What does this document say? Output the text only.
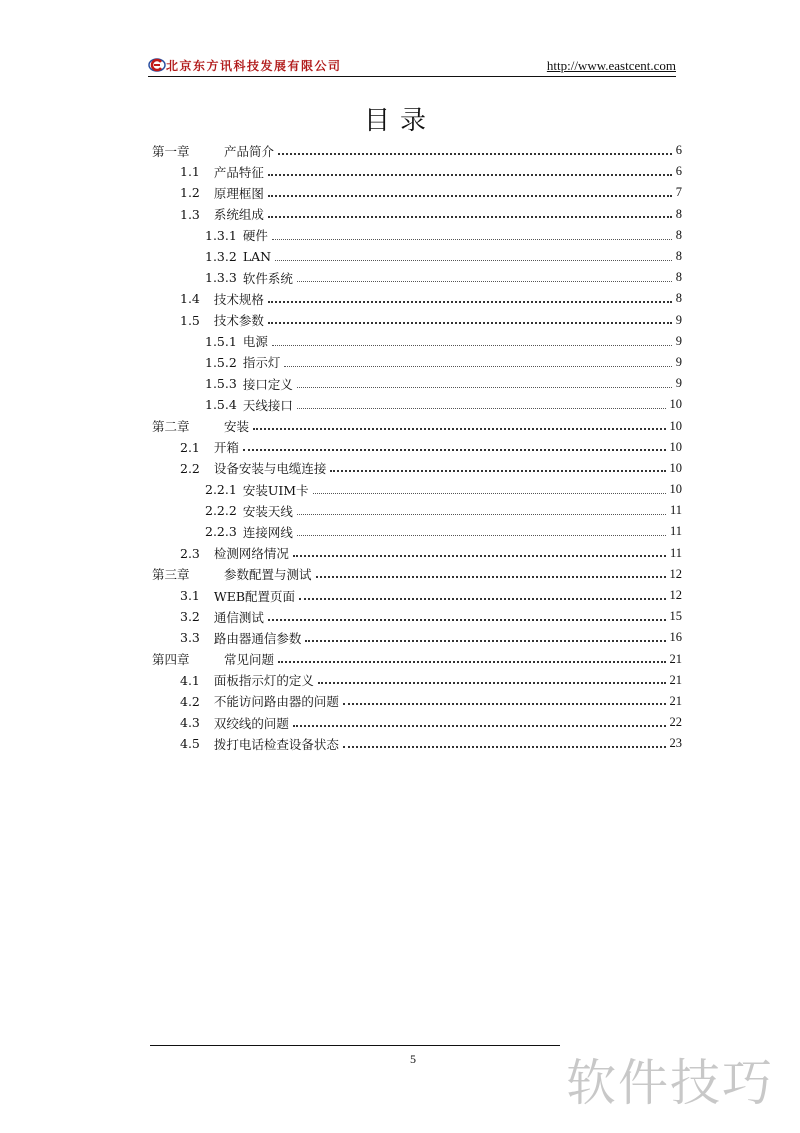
北京东方讯科技发展有限公司	http://www.eastcent.com
目录
第一章	产品简介	6
1.1 产品特征	6
1.2 原理框图	7
1.3 系统组成	8
1.3.1 硬件	8
1.3.2 LAN	8
1.3.3 软件系统	8
1.4 技术规格	8
1.5 技术参数	9
1.5.1 电源	9
1.5.2 指示灯	9
1.5.3 接口定义	9
1.5.4 天线接口	10
第二章	安装	10
2.1 开箱	10
2.2 设备安装与电缆连接	10
2.2.1 安装UIM卡	10
2.2.2 安装天线	11
2.2.3 连接网线	11
2.3 检测网络情况	11
第三章	参数配置与测试	12
3.1 WEB配置页面	12
3.2 通信测试	15
3.3 路由器通信参数	16
第四章	常见问题	21
4.1 面板指示灯的定义	21
4.2 不能访问路由器的问题	21
4.3 双绞线的问题	22
4.5 拨打电话检查设备状态	23
5	软件技巧
